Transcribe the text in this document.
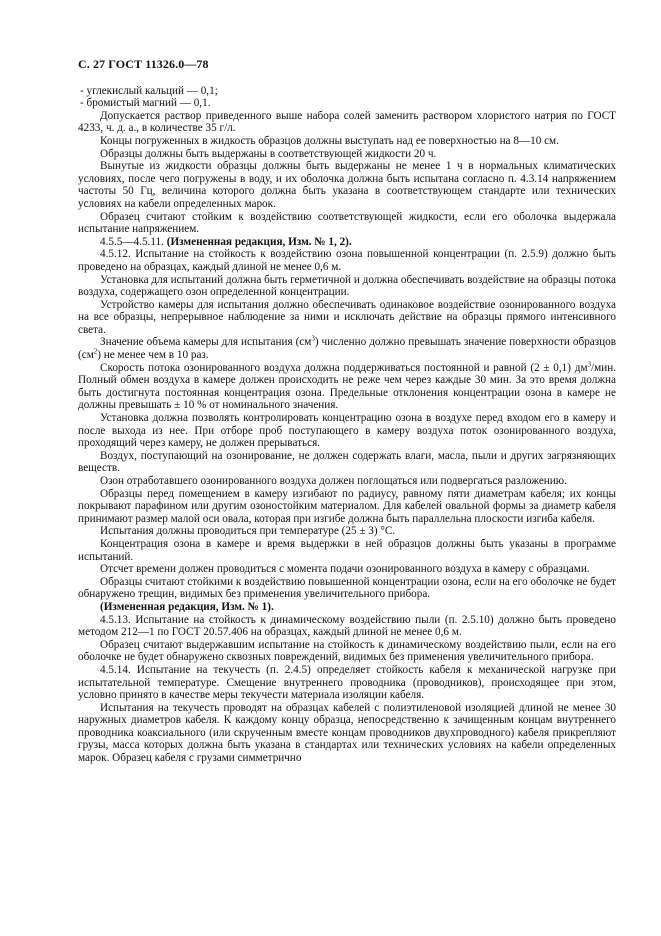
С. 27 ГОСТ 11326.0—78

- углекислый кальций — 0,1;

- бромистый магний — 0,1.

Допускается раствор приведенного выше набора солей заменить раствором хлористого натрия по ГОСТ 4233, ч. д. а., в количестве 35 г/л.

Концы погруженных в жидкость образцов должны выступать над ее поверхностью на 8—10 см.

Образцы должны быть выдержаны в соответствующей жидкости 20 ч.

Вынутые из жидкости образцы должны быть выдержаны не менее 1 ч в нормальных климатических условиях, после чего погружены в воду, и их оболочка должна быть испытана согласно п. 4.3.14 напряжением частоты 50 Гц, величина которого должна быть указана в соответствующем стандарте или технических условиях на кабели определенных марок.

Образец считают стойким к воздействию соответствующей жидкости, если его оболочка выдержала испытание напряжением.

4.5.5—4.5.11. (Измененная редакция, Изм. № 1, 2).

4.5.12. Испытание на стойкость к воздействию озона повышенной концентрации (п. 2.5.9) должно быть проведено на образцах, каждый длиной не менее 0,6 м.

Установка для испытаний должна быть герметичной и должна обеспечивать воздействие на образцы потока воздуха, содержащего озон определенной концентрации.

Устройство камеры для испытания должно обеспечивать одинаковое воздействие озонированного воздуха на все образцы, непрерывное наблюдение за ними и исключать действие на образцы прямого интенсивного света.

Значение объема камеры для испытания $(см^3)$ численно должно превышать значение поверхности образцов $(см^2)$ не менее чем в 10 раз.

Скорость потока озонированного воздуха должна поддерживаться постоянной и равной (2 ± 0,1) $дм^3$/мин. Полный обмен воздуха в камере должен происходить не реже чем через каждые 30 мин. За это время должна быть достигнута постоянная концентрация озона. Предельные отклонения концентрации озона в камере не должны превышать ± 10 % от номинального значения.

Установка должна позволять контролировать концентрацию озона в воздухе перед входом его в камеру и после выхода из нее. При отборе проб поступающего в камеру воздуха поток озонированного воздуха, проходящий через камеру, не должен прерываться.

Воздух, поступающий на озонирование, не должен содержать влаги, масла, пыли и других загрязняющих веществ.

Озон отработавшего озонированного воздуха должен поглощаться или подвергаться разложению.

Образцы перед помещением в камеру изгибают по радиусу, равному пяти диаметрам кабеля; их концы покрывают парафином или другим озоностойким материалом. Для кабелей овальной формы за диаметр кабеля принимают размер малой оси овала, которая при изгибе должна быть параллельна плоскости изгиба кабеля.

Испытания должны проводиться при температуре (25 ± 3) °С.

Концентрация озона в камере и время выдержки в ней образцов должны быть указаны в программе испытаний.

Отсчет времени должен проводиться с момента подачи озонированного воздуха в камеру с образцами.

Образцы считают стойкими к воздействию повышенной концентрации озона, если на его оболочке не будет обнаружено трещин, видимых без применения увеличительного прибора.

(Измененная редакция, Изм. № 1).

4.5.13. Испытание на стойкость к динамическому воздействию пыли (п. 2.5.10) должно быть проведено методом 212—1 по ГОСТ 20.57.406 на образцах, каждый длиной не менее 0,6 м.

Образец считают выдержавшим испытание на стойкость к динамическому воздействию пыли, если на его оболочке не будет обнаружено сквозных повреждений, видимых без применения увеличительного прибора.

4.5.14. Испытание на текучесть (п. 2.4.5) определяет стойкость кабеля к механической нагрузке при испытательной температуре. Смещение внутреннего проводника (проводников), происходящее при этом, условно принято в качестве меры текучести материала изоляции кабеля.

Испытания на текучесть проводят на образцах кабелей с полиэтиленовой изоляцией длиной не менее 30 наружных диаметров кабеля. К каждому концу образца, непосредственно к зачищенным концам внутреннего проводника коаксиального (или скрученным вместе концам проводников двухпроводного) кабеля прикрепляют грузы, масса которых должна быть указана в стандартах или технических условиях на кабели определенных марок. Образец кабеля с грузами симметрично
